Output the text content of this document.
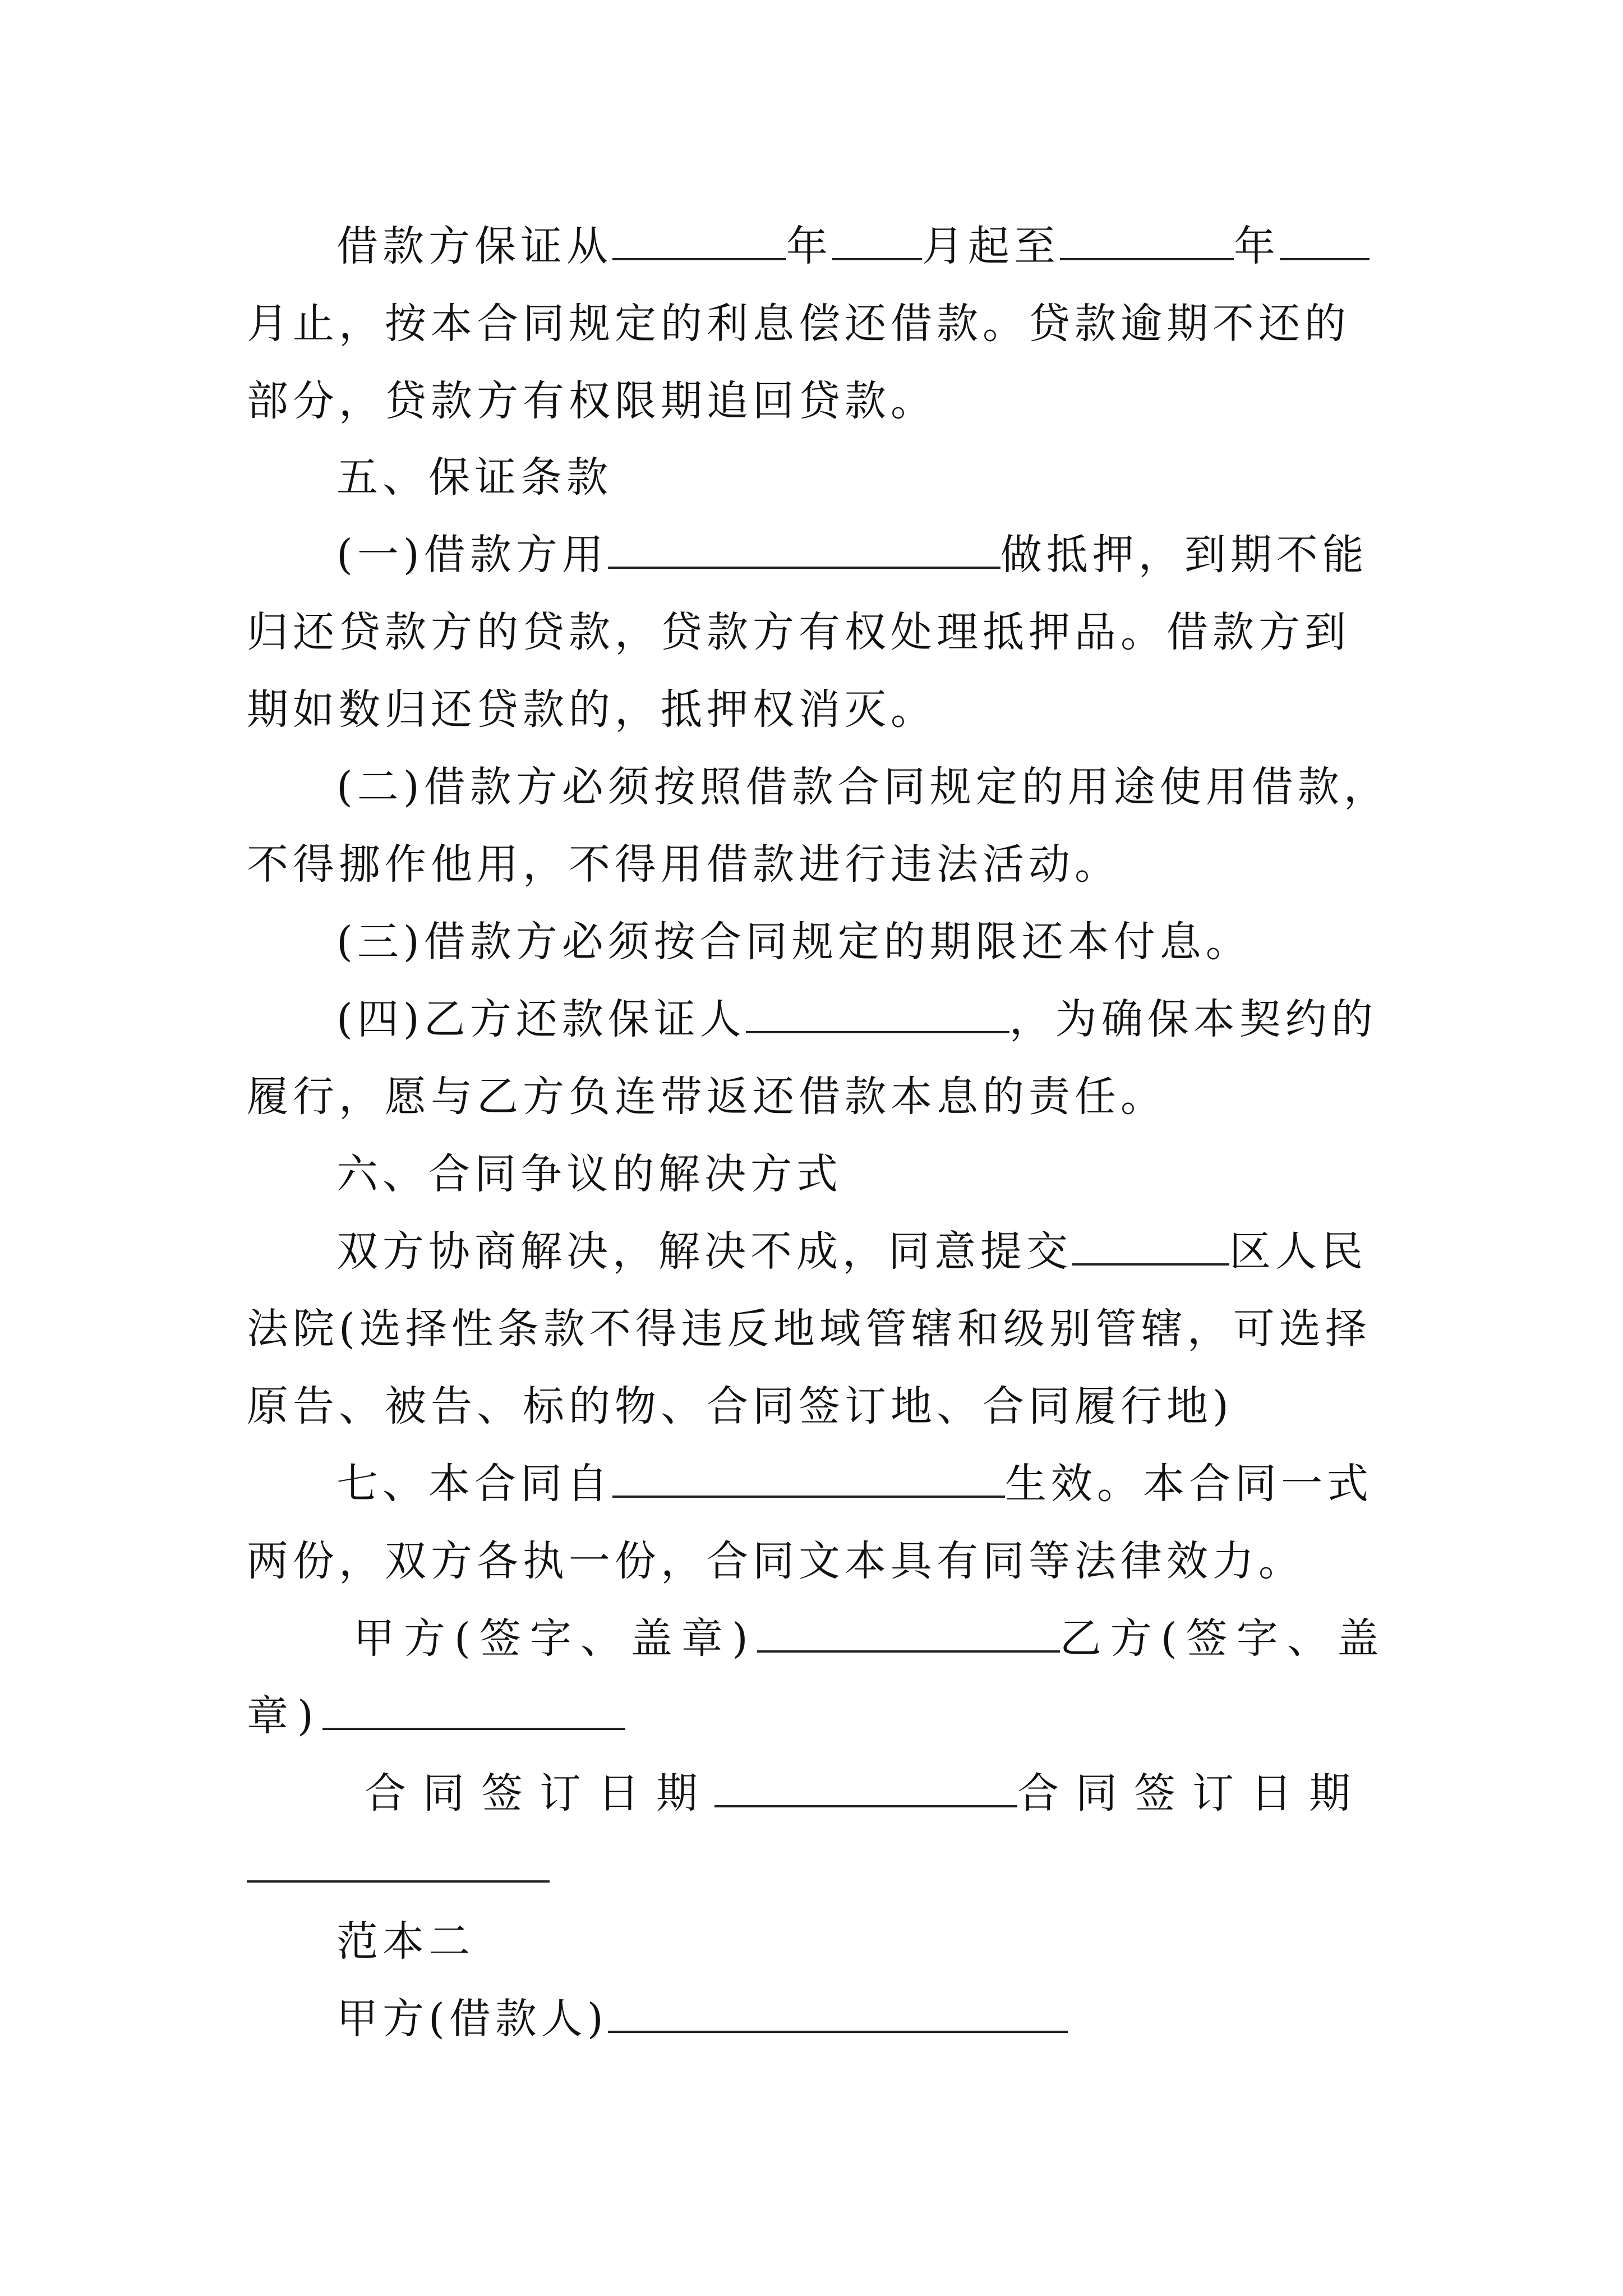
借款方保证从	年 月起至	年月止，按本合同规定的利息偿还借款。贷款逾期不还的部分，贷款方有权限期追回贷款。
五、保证条款
(一)借款方用	做抵押，到期不能归还贷款方的贷款，贷款方有权处理抵押品。借款方到期如数归还贷款的，抵押权消灭。
(二)借款方必须按照借款合同规定的用途使用借款，不得挪作他用，不得用借款进行违法活动。
(三)借款方必须按合同规定的期限还本付息。
(四)乙方还款保证人	，为确保本契约的履行，愿与乙方负连带返还借款本息的责任。
六、合同争议的解决方式
双方协商解决，解决不成，同意提交	区人民法院(选择性条款不得违反地域管辖和级别管辖，可选择原告、被告、标的物、合同签订地、合同履行地)
七、本合同自	生效。本合同一式两份，双方各执一份，合同文本具有同等法律效力。
甲方(签字、盖章)	乙方(签字、盖章)
合同签订日期	合同签订日期
范本二
甲方(借款人)
